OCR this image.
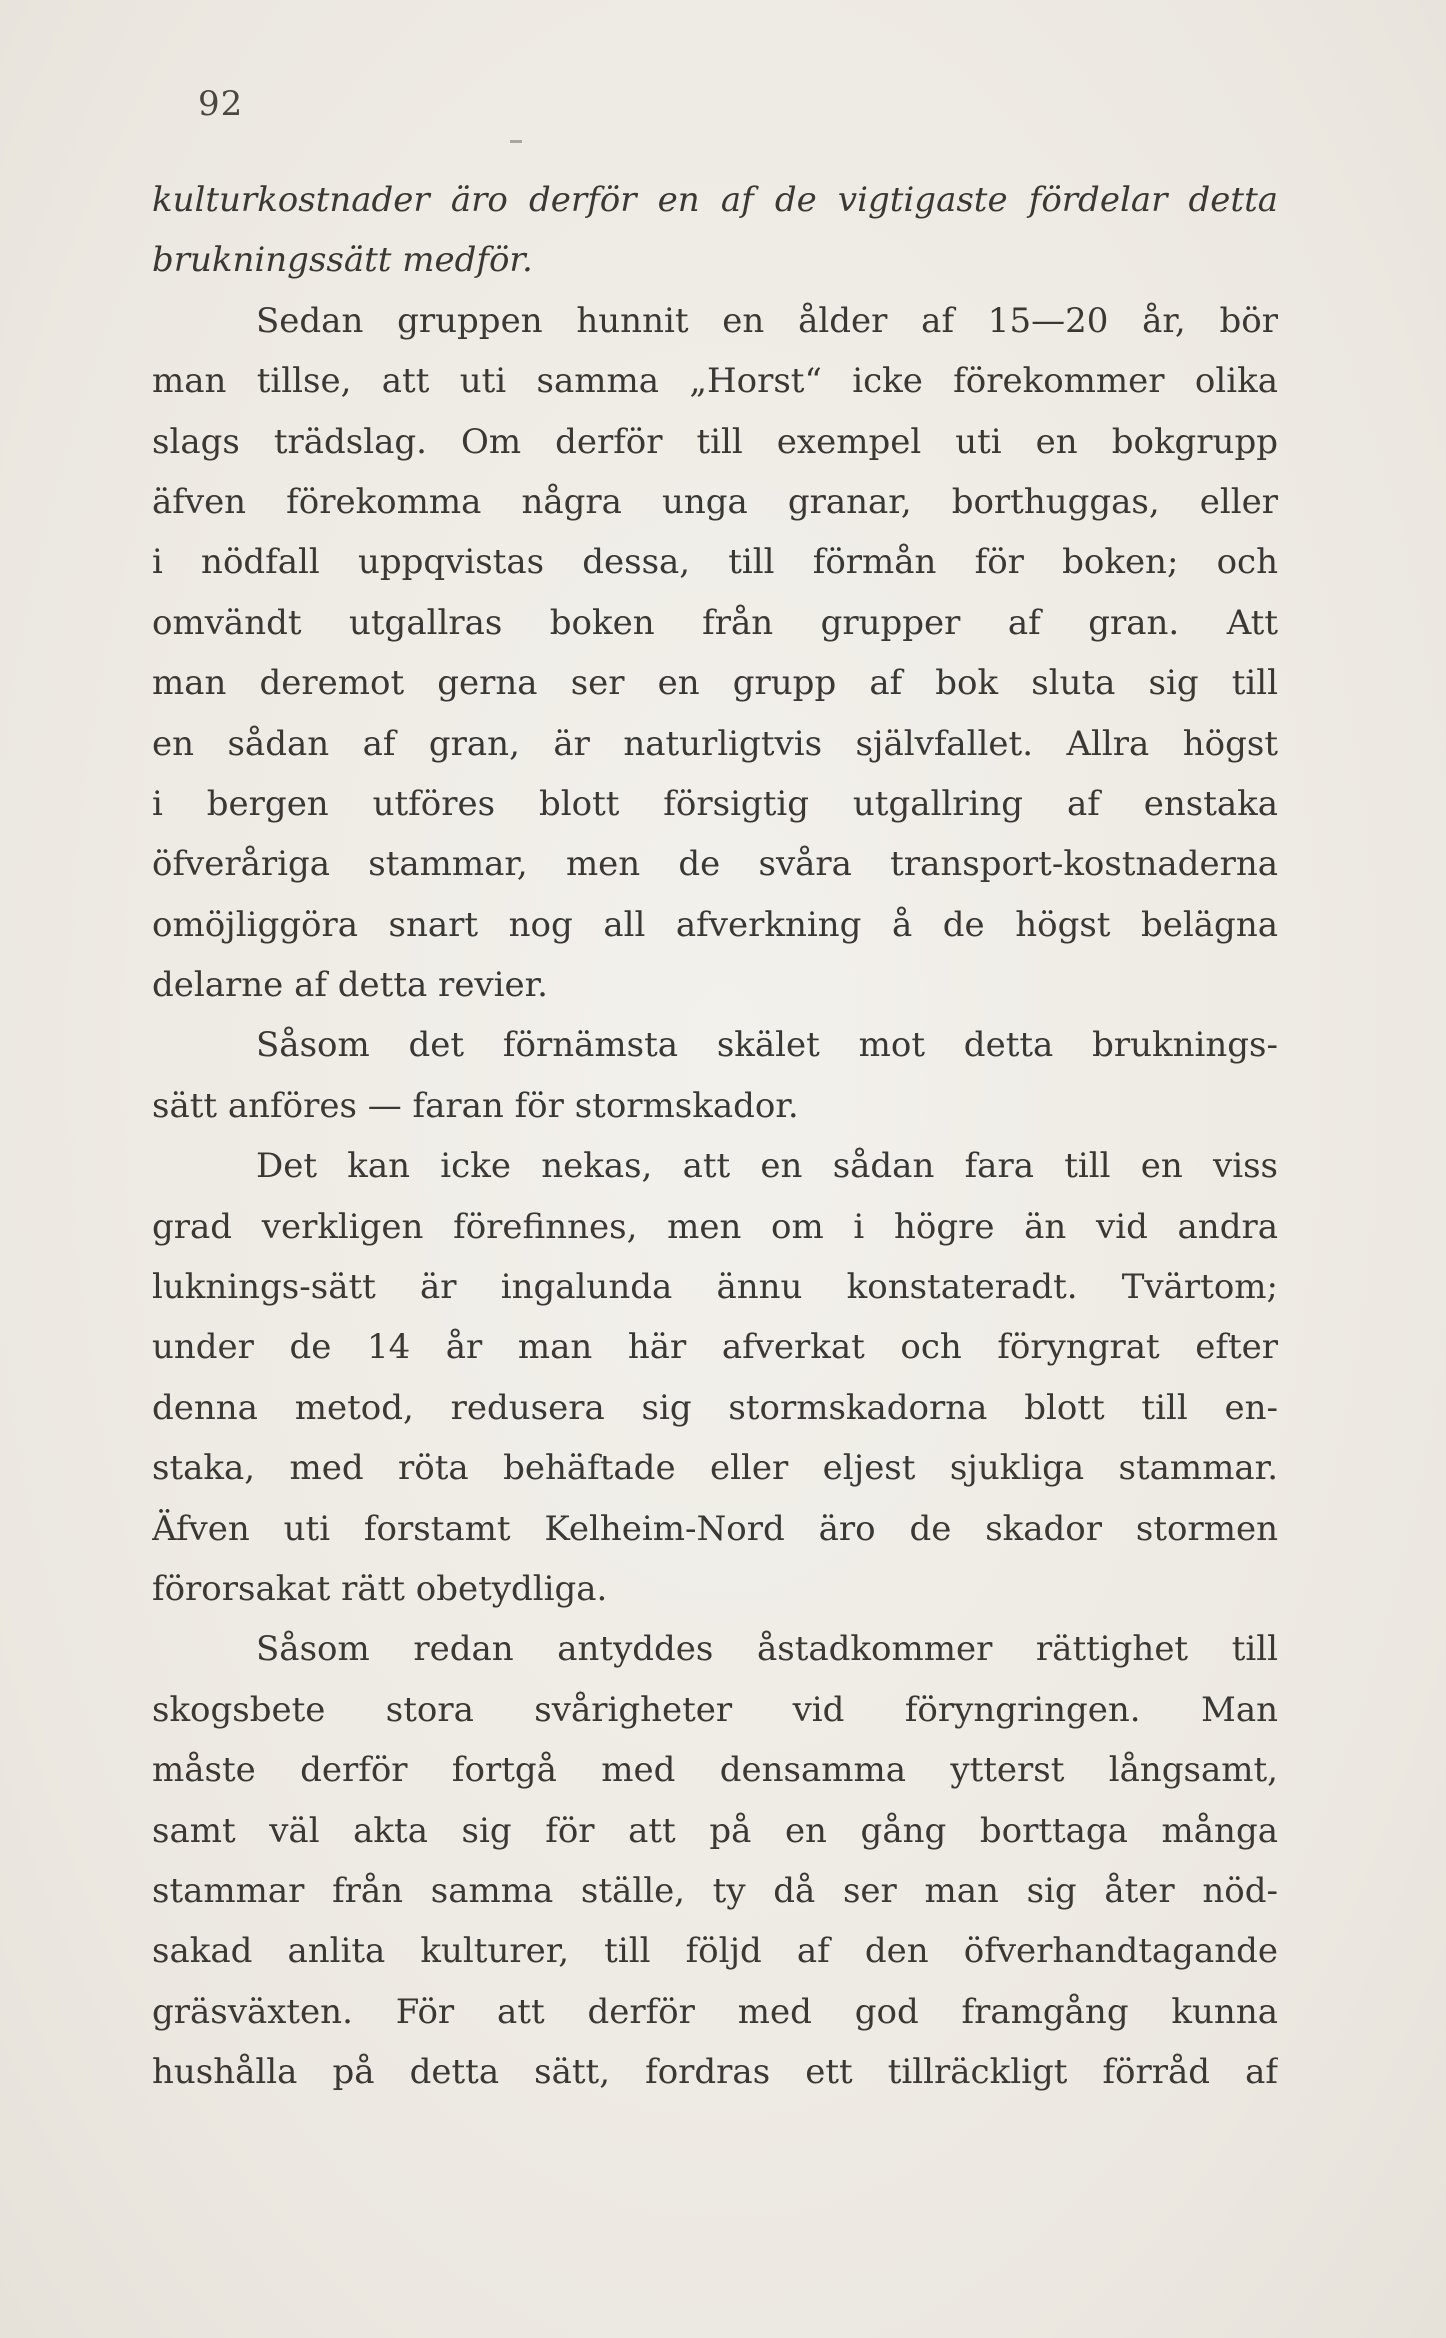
92
kulturkostnader äro derför en af de vigtigaste fördelar detta
brukningssätt medför.
Sedan gruppen hunnit en ålder af 15—20 år, bör
man tillse, att uti samma „Horst“ icke förekommer olika
slags trädslag. Om derför till exempel uti en bokgrupp
äfven förekomma några unga granar, borthuggas, eller
i nödfall uppqvistas dessa, till förmån för boken; och
omvändt utgallras boken från grupper af gran. Att
man deremot gerna ser en grupp af bok sluta sig till
en sådan af gran, är naturligtvis självfallet. Allra högst
i bergen utföres blott försigtig utgallring af enstaka
öfveråriga stammar, men de svåra transport-kostnaderna
omöjliggöra snart nog all afverkning å de högst belägna
delarne af detta revier.
Såsom det förnämsta skälet mot detta bruknings-
sätt anföres — faran för stormskador.
Det kan icke nekas, att en sådan fara till en viss
grad verkligen förefinnes, men om i högre än vid andra
luknings-sätt är ingalunda ännu konstateradt. Tvärtom;
under de 14 år man här afverkat och föryngrat efter
denna metod, redusera sig stormskadorna blott till en-
staka, med röta behäftade eller eljest sjukliga stammar.
Äfven uti forstamt Kelheim-Nord äro de skador stormen
förorsakat rätt obetydliga.
Såsom redan antyddes åstadkommer rättighet till
skogsbete stora svårigheter vid föryngringen. Man
måste derför fortgå med densamma ytterst långsamt,
samt väl akta sig för att på en gång borttaga många
stammar från samma ställe, ty då ser man sig åter nöd-
sakad anlita kulturer, till följd af den öfverhandtagande
gräsväxten. För att derför med god framgång kunna
hushålla på detta sätt, fordras ett tillräckligt förråd af
